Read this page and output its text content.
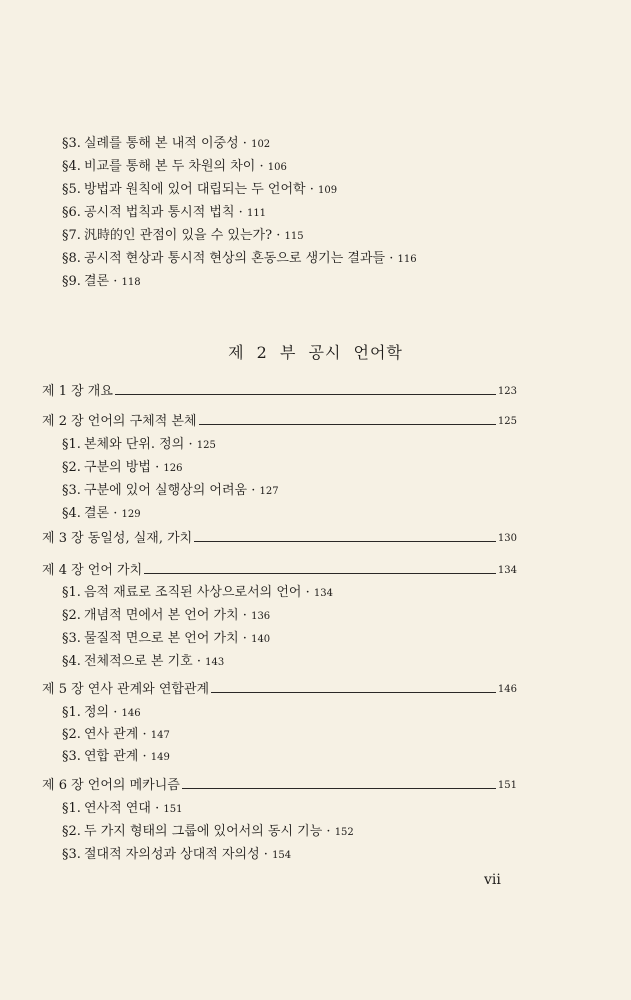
§3. 실례를 통해 본 내적 이중성 · 102
§4. 비교를 통해 본 두 차원의 차이 · 106
§5. 방법과 원칙에 있어 대립되는 두 언어학 · 109
§6. 공시적 법칙과 통시적 법칙 · 111
§7. 汎時的인 관점이 있을 수 있는가? · 115
§8. 공시적 현상과 통시적 현상의 혼동으로 생기는 결과들 · 116
§9. 결론 · 118
제 2 부 공시 언어학
제 1 장 개요	123
제 2 장 언어의 구체적 본체	125
§1. 본체와 단위. 정의 · 125
§2. 구분의 방법 · 126
§3. 구분에 있어 실행상의 어려움 · 127
§4. 결론 · 129
제 3 장 동일성, 실재, 가치	130
제 4 장 언어 가치	134
§1. 음적 재료로 조직된 사상으로서의 언어 · 134
§2. 개념적 면에서 본 언어 가치 · 136
§3. 물질적 면으로 본 언어 가치 · 140
§4. 전체적으로 본 기호 · 143
제 5 장 연사 관계와 연합관계	146
§1. 정의 · 146
§2. 연사 관계 · 147
§3. 연합 관계 · 149
제 6 장 언어의 메카니즘	151
§1. 연사적 연대 · 151
§2. 두 가지 형태의 그룹에 있어서의 동시 기능 · 152
§3. 절대적 자의성과 상대적 자의성 · 154
vii
